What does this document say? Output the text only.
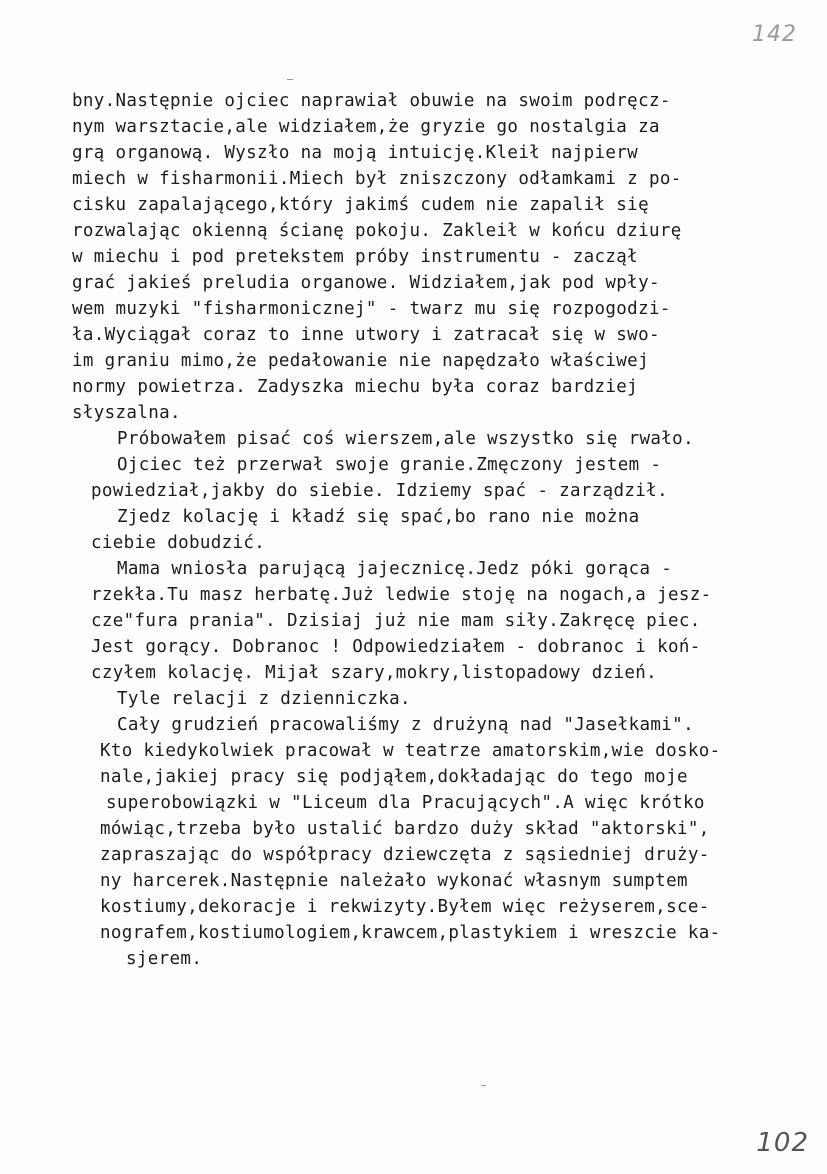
142
bny.Następnie ojciec naprawiał obuwie na swoim podręcz-
nym warsztacie,ale widziałem,że gryzie go nostalgia za
grą organową. Wyszło na moją intuicję.Kleił najpierw
miech w fisharmonii.Miech był zniszczony odłamkami z po-
cisku zapalającego,który jakimś cudem nie zapalił się
rozwalając okienną ścianę pokoju. Zakleił w końcu dziurę
w miechu i pod pretekstem próby instrumentu - zaczął
grać jakieś preludia organowe. Widziałem,jak pod wpły-
wem muzyki "fisharmonicznej" - twarz mu się rozpogodzi-
ła.Wyciągał coraz to inne utwory i zatracał się w swo-
im graniu mimo,że pedałowanie nie napędzało właściwej
normy powietrza. Zadyszka miechu była coraz bardziej
słyszalna.
Próbowałem pisać coś wierszem,ale wszystko się rwało.
Ojciec też przerwał swoje granie.Zmęczony jestem -
powiedział,jakby do siebie. Idziemy spać - zarządził.
Zjedz kolację i kładź się spać,bo rano nie można
ciebie dobudzić.
Mama wniosła parującą jajecznicę.Jedz póki gorąca -
rzekła.Tu masz herbatę.Już ledwie stoję na nogach,a jesz-
cze"fura prania". Dzisiaj już nie mam siły.Zakręcę piec.
Jest gorący. Dobranoc ! Odpowiedziałem - dobranoc i koń-
czyłem kolację. Mijał szary,mokry,listopadowy dzień.
Tyle relacji z dzienniczka.
Cały grudzień pracowaliśmy z drużyną nad "Jasełkami".
Kto kiedykolwiek pracował w teatrze amatorskim,wie dosko-
nale,jakiej pracy się podjąłem,dokładając do tego moje
superobowiązki w "Liceum dla Pracujących".A więc krótko
mówiąc,trzeba było ustalić bardzo duży skład "aktorski",
zapraszając do współpracy dziewczęta z sąsiedniej druży-
ny harcerek.Następnie należało wykonać własnym sumptem
kostiumy,dekoracje i rekwizyty.Byłem więc reżyserem,sce-
nografem,kostiumologiem,krawcem,plastykiem i wreszcie ka-
sjerem.
102
